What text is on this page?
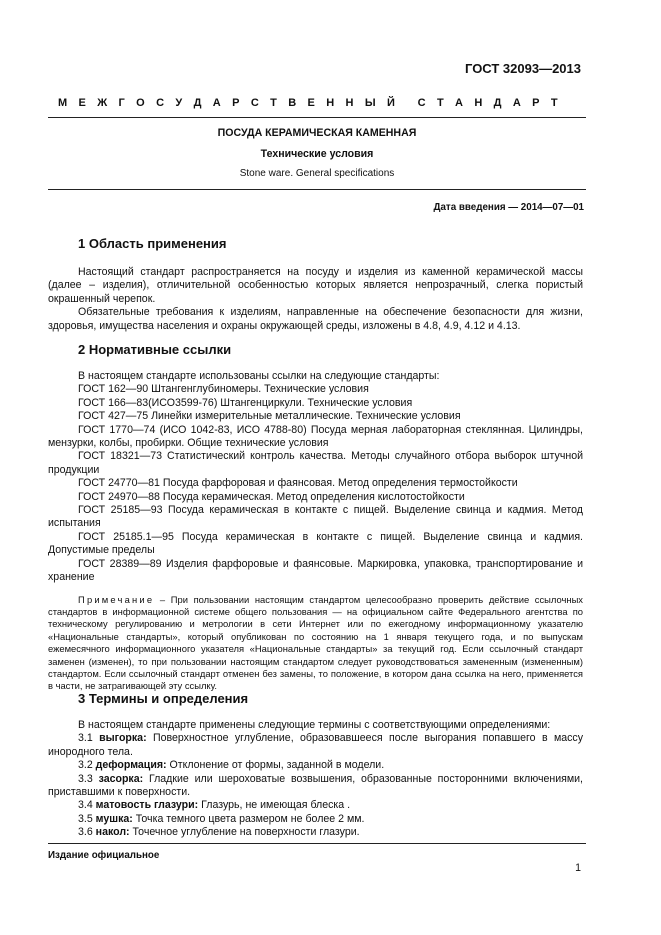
ГОСТ 32093—2013
М Е Ж Г О С У Д А Р С Т В Е Н Н Ы Й С Т А Н Д А Р Т
ПОСУДА КЕРАМИЧЕСКАЯ КАМЕННАЯ
Технические условия
Stone ware. General specifications
Дата введения — 2014—07—01
1 Область применения

Настоящий стандарт распространяется на посуду и изделия из каменной керамической массы (далее – изделия), отличительной особенностью которых является непрозрачный, слегка пористый окрашенный черепок.

Обязательные требования к изделиям, направленные на обеспечение безопасности для жизни, здоровья, имущества населения и охраны окружающей среды, изложены в 4.8, 4.9, 4.12 и 4.13.

2 Нормативные ссылки

В настоящем стандарте использованы ссылки на следующие стандарты:

ГОСТ 162—90 Штангенглубиномеры. Технические условия

ГОСТ 166—83(ИСО3599-76) Штангенциркули. Технические условия

ГОСТ 427—75 Линейки измерительные металлические. Технические условия

ГОСТ 1770—74 (ИСО 1042-83, ИСО 4788-80) Посуда мерная лабораторная стеклянная. Цилиндры, мензурки, колбы, пробирки. Общие технические условия

ГОСТ 18321—73 Статистический контроль качества. Методы случайного отбора выборок штучной продукции

ГОСТ 24770—81 Посуда фарфоровая и фаянсовая. Метод определения термостойкости

ГОСТ 24970—88 Посуда керамическая. Метод определения кислотостойкости

ГОСТ 25185—93 Посуда керамическая в контакте с пищей. Выделение свинца и кадмия. Метод испытания

ГОСТ 25185.1—95 Посуда керамическая в контакте с пищей. Выделение свинца и кадмия. Допустимые пределы

ГОСТ 28389—89 Изделия фарфоровые и фаянсовые. Маркировка, упаковка, транспортирование и хранение

Примечание – При пользовании настоящим стандартом целесообразно проверить действие ссылочных стандартов в информационной системе общего пользования — на официальном сайте Федерального агентства по техническому регулированию и метрологии в сети Интернет или по ежегодному информационному указателю «Национальные стандарты», который опубликован по состоянию на 1 января текущего года, и по выпускам ежемесячного информационного указателя «Национальные стандарты» за текущий год. Если ссылочный стандарт заменен (изменен), то при пользовании настоящим стандартом следует руководствоваться замененным (измененным) стандартом. Если ссылочный стандарт отменен без замены, то положение, в котором дана ссылка на него, применяется в части, не затрагивающей эту ссылку.

3 Термины и определения

В настоящем стандарте применены следующие термины с соответствующими определениями:

3.1 выгорка: Поверхностное углубление, образовавшееся после выгорания попавшего в массу инородного тела.

3.2 деформация: Отклонение от формы, заданной в модели.

3.3 засорка: Гладкие или шероховатые возвышения, образованные посторонними включениями, приставшими к поверхности.

3.4 матовость глазури: Глазурь, не имеющая блеска .

3.5 мушка: Точка темного цвета размером не более 2 мм.

3.6 накол: Точечное углубление на поверхности глазури.

Издание официальное
1
